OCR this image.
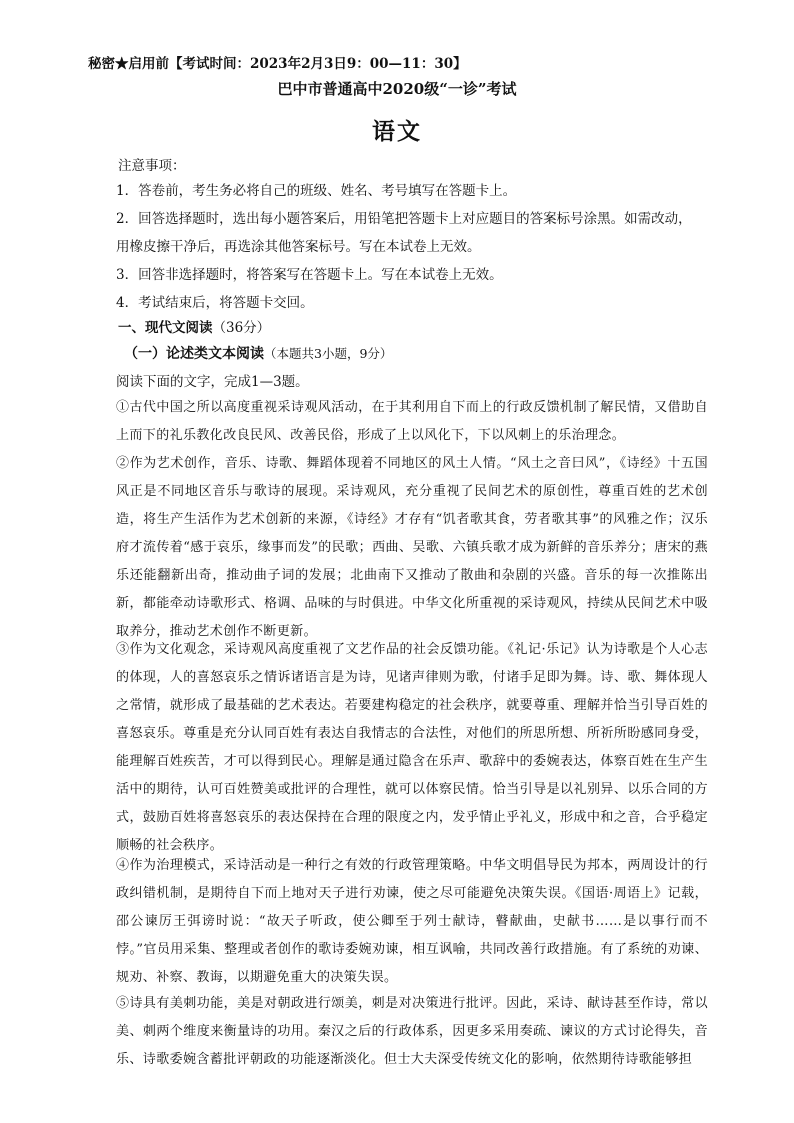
秘密★启用前【考试时间：2023年2月3日9：00—11：30】
巴中市普通高中2020级“一诊”考试
语文
注意事项：
1．答卷前，考生务必将自己的班级、姓名、考号填写在答题卡上。
2．回答选择题时，选出每小题答案后，用铅笔把答题卡上对应题目的答案标号涂黑。如需改动，用橡皮擦干净后，再选涂其他答案标号。写在本试卷上无效。
3．回答非选择题时，将答案写在答题卡上。写在本试卷上无效。
4．考试结束后，将答题卡交回。
一、现代文阅读（36分）
（一）论述类文本阅读（本题共3小题，9分）
阅读下面的文字，完成1—3题。
①古代中国之所以高度重视采诗观风活动，在于其利用自下而上的行政反馈机制了解民情，又借助自上而下的礼乐教化改良民风、改善民俗，形成了上以风化下，下以风刺上的乐治理念。
②作为艺术创作，音乐、诗歌、舞蹈体现着不同地区的风土人情。“风土之音曰风”，《诗经》十五国风正是不同地区音乐与歌诗的展现。采诗观风，充分重视了民间艺术的原创性，尊重百姓的艺术创造，将生产生活作为艺术创新的来源，《诗经》才存有“饥者歌其食，劳者歌其事”的风雅之作；汉乐府才流传着“感于哀乐，缘事而发”的民歌；西曲、吴歌、六镇兵歌才成为新鲜的音乐养分；唐宋的燕乐还能翻新出奇，推动曲子词的发展；北曲南下又推动了散曲和杂剧的兴盛。音乐的每一次推陈出新，都能牵动诗歌形式、格调、品味的与时俱进。中华文化所重视的采诗观风，持续从民间艺术中吸取养分，推动艺术创作不断更新。
③作为文化观念，采诗观风高度重视了文艺作品的社会反馈功能。《礼记·乐记》认为诗歌是个人心志的体现，人的喜怒哀乐之情诉诸语言是为诗，见诸声律则为歌，付诸手足即为舞。诗、歌、舞体现人之常情，就形成了最基础的艺术表达。若要建构稳定的社会秩序，就要尊重、理解并恰当引导百姓的喜怒哀乐。尊重是充分认同百姓有表达自我情志的合法性，对他们的所思所想、所祈所盼感同身受，能理解百姓疾苦，才可以得到民心。理解是通过隐含在乐声、歌辞中的委婉表达，体察百姓在生产生活中的期待，认可百姓赞美或批评的合理性，就可以体察民情。恰当引导是以礼别异、以乐合同的方式，鼓励百姓将喜怒哀乐的表达保持在合理的限度之内，发乎情止乎礼义，形成中和之音，合乎稳定顺畅的社会秩序。
④作为治理模式，采诗活动是一种行之有效的行政管理策略。中华文明倡导民为邦本，两周设计的行政纠错机制，是期待自下而上地对天子进行劝谏，使之尽可能避免决策失误。《国语·周语上》记载，邵公谏厉王弭谤时说：“故天子听政，使公卿至于列士献诗，瞽献曲，史献书……是以事行而不悖。”官员用采集、整理或者创作的歌诗委婉劝谏，相互讽喻，共同改善行政措施。有了系统的劝谏、规劝、补察、教诲，以期避免重大的决策失误。
⑤诗具有美刺功能，美是对朝政进行颂美，刺是对决策进行批评。因此，采诗、献诗甚至作诗，常以美、刺两个维度来衡量诗的功用。秦汉之后的行政体系，因更多采用奏疏、谏议的方式讨论得失，音乐、诗歌委婉含蓄批评朝政的功能逐渐淡化。但士大夫深受传统文化的影响，依然期待诗歌能够担
